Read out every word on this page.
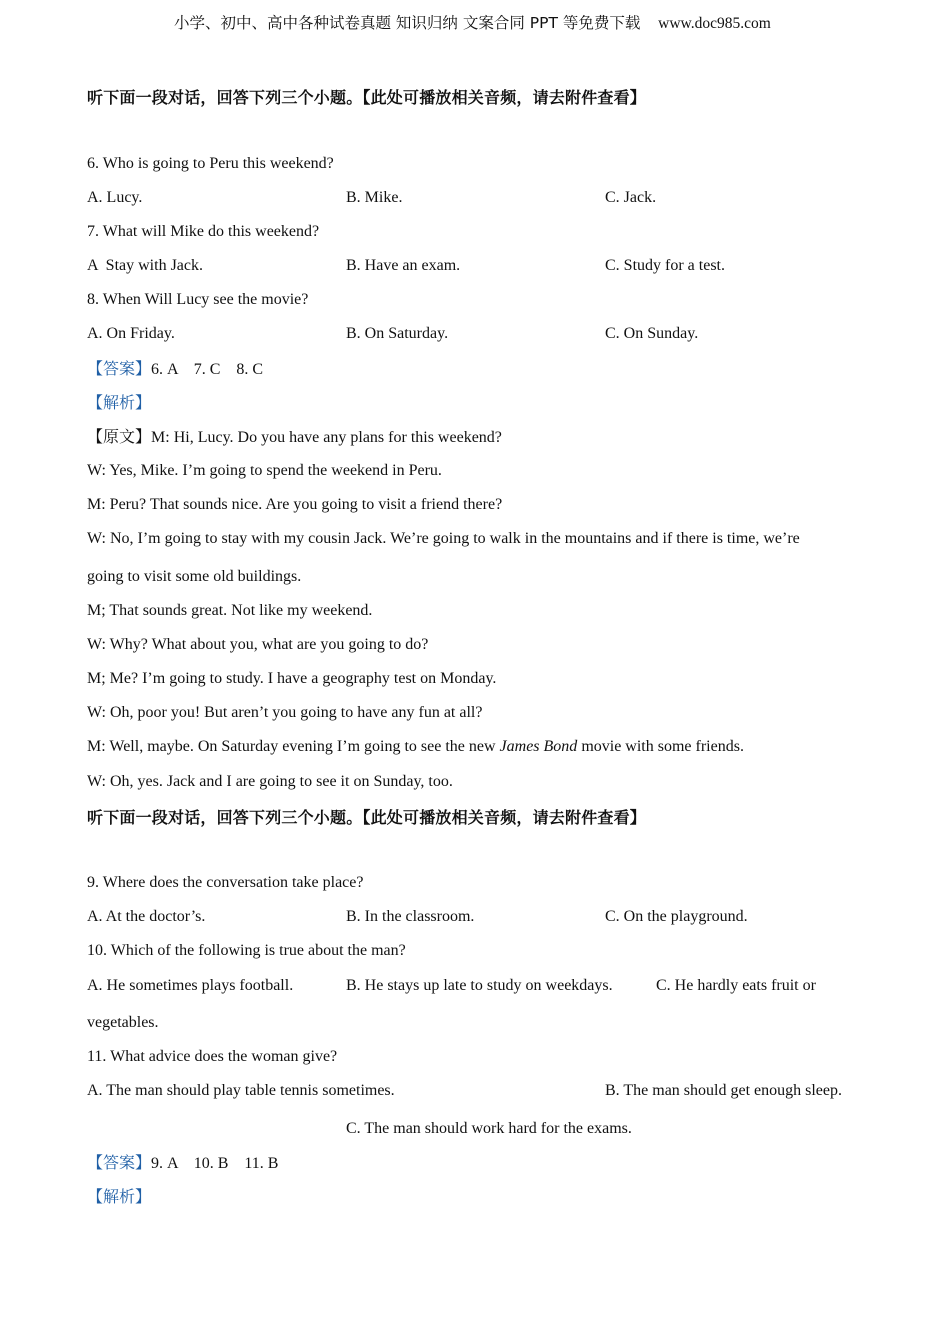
小学、初中、高中各种试卷真题 知识归纳 文案合同 PPT 等免费下载 www.doc985.com
听下面一段对话，回答下列三个小题。【此处可播放相关音频，请去附件查看】
6. Who is going to Peru this weekend?
A. Lucy.	B. Mike.	C. Jack.
7. What will Mike do this weekend?
A  Stay with Jack.	B. Have an exam.	C. Study for a test.
8. When Will Lucy see the movie?
A. On Friday.	B. On Saturday.	C. On Sunday.
【答案】6. A    7. C    8. C
【解析】
【原文】M: Hi, Lucy. Do you have any plans for this weekend?
W: Yes, Mike. I’m going to spend the weekend in Peru.
M: Peru? That sounds nice. Are you going to visit a friend there?
W: No, I’m going to stay with my cousin Jack. We’re going to walk in the mountains and if there is time, we’re
going to visit some old buildings.
M; That sounds great. Not like my weekend.
W: Why? What about you, what are you going to do?
M; Me? I’m going to study. I have a geography test on Monday.
W: Oh, poor you! But aren’t you going to have any fun at all?
M: Well, maybe. On Saturday evening I’m going to see the new James Bond movie with some friends.
W: Oh, yes. Jack and I are going to see it on Sunday, too.
听下面一段对话，回答下列三个小题。【此处可播放相关音频，请去附件查看】
9. Where does the conversation take place?
A. At the doctor’s.	B. In the classroom.	C. On the playground.
10. Which of the following is true about the man?
A. He sometimes plays football.	B. He stays up late to study on weekdays.	C. He hardly eats fruit or
vegetables.
11. What advice does the woman give?
A. The man should play table tennis sometimes.	B. The man should get enough sleep.
C. The man should work hard for the exams.
【答案】9. A    10. B    11. B
【解析】
